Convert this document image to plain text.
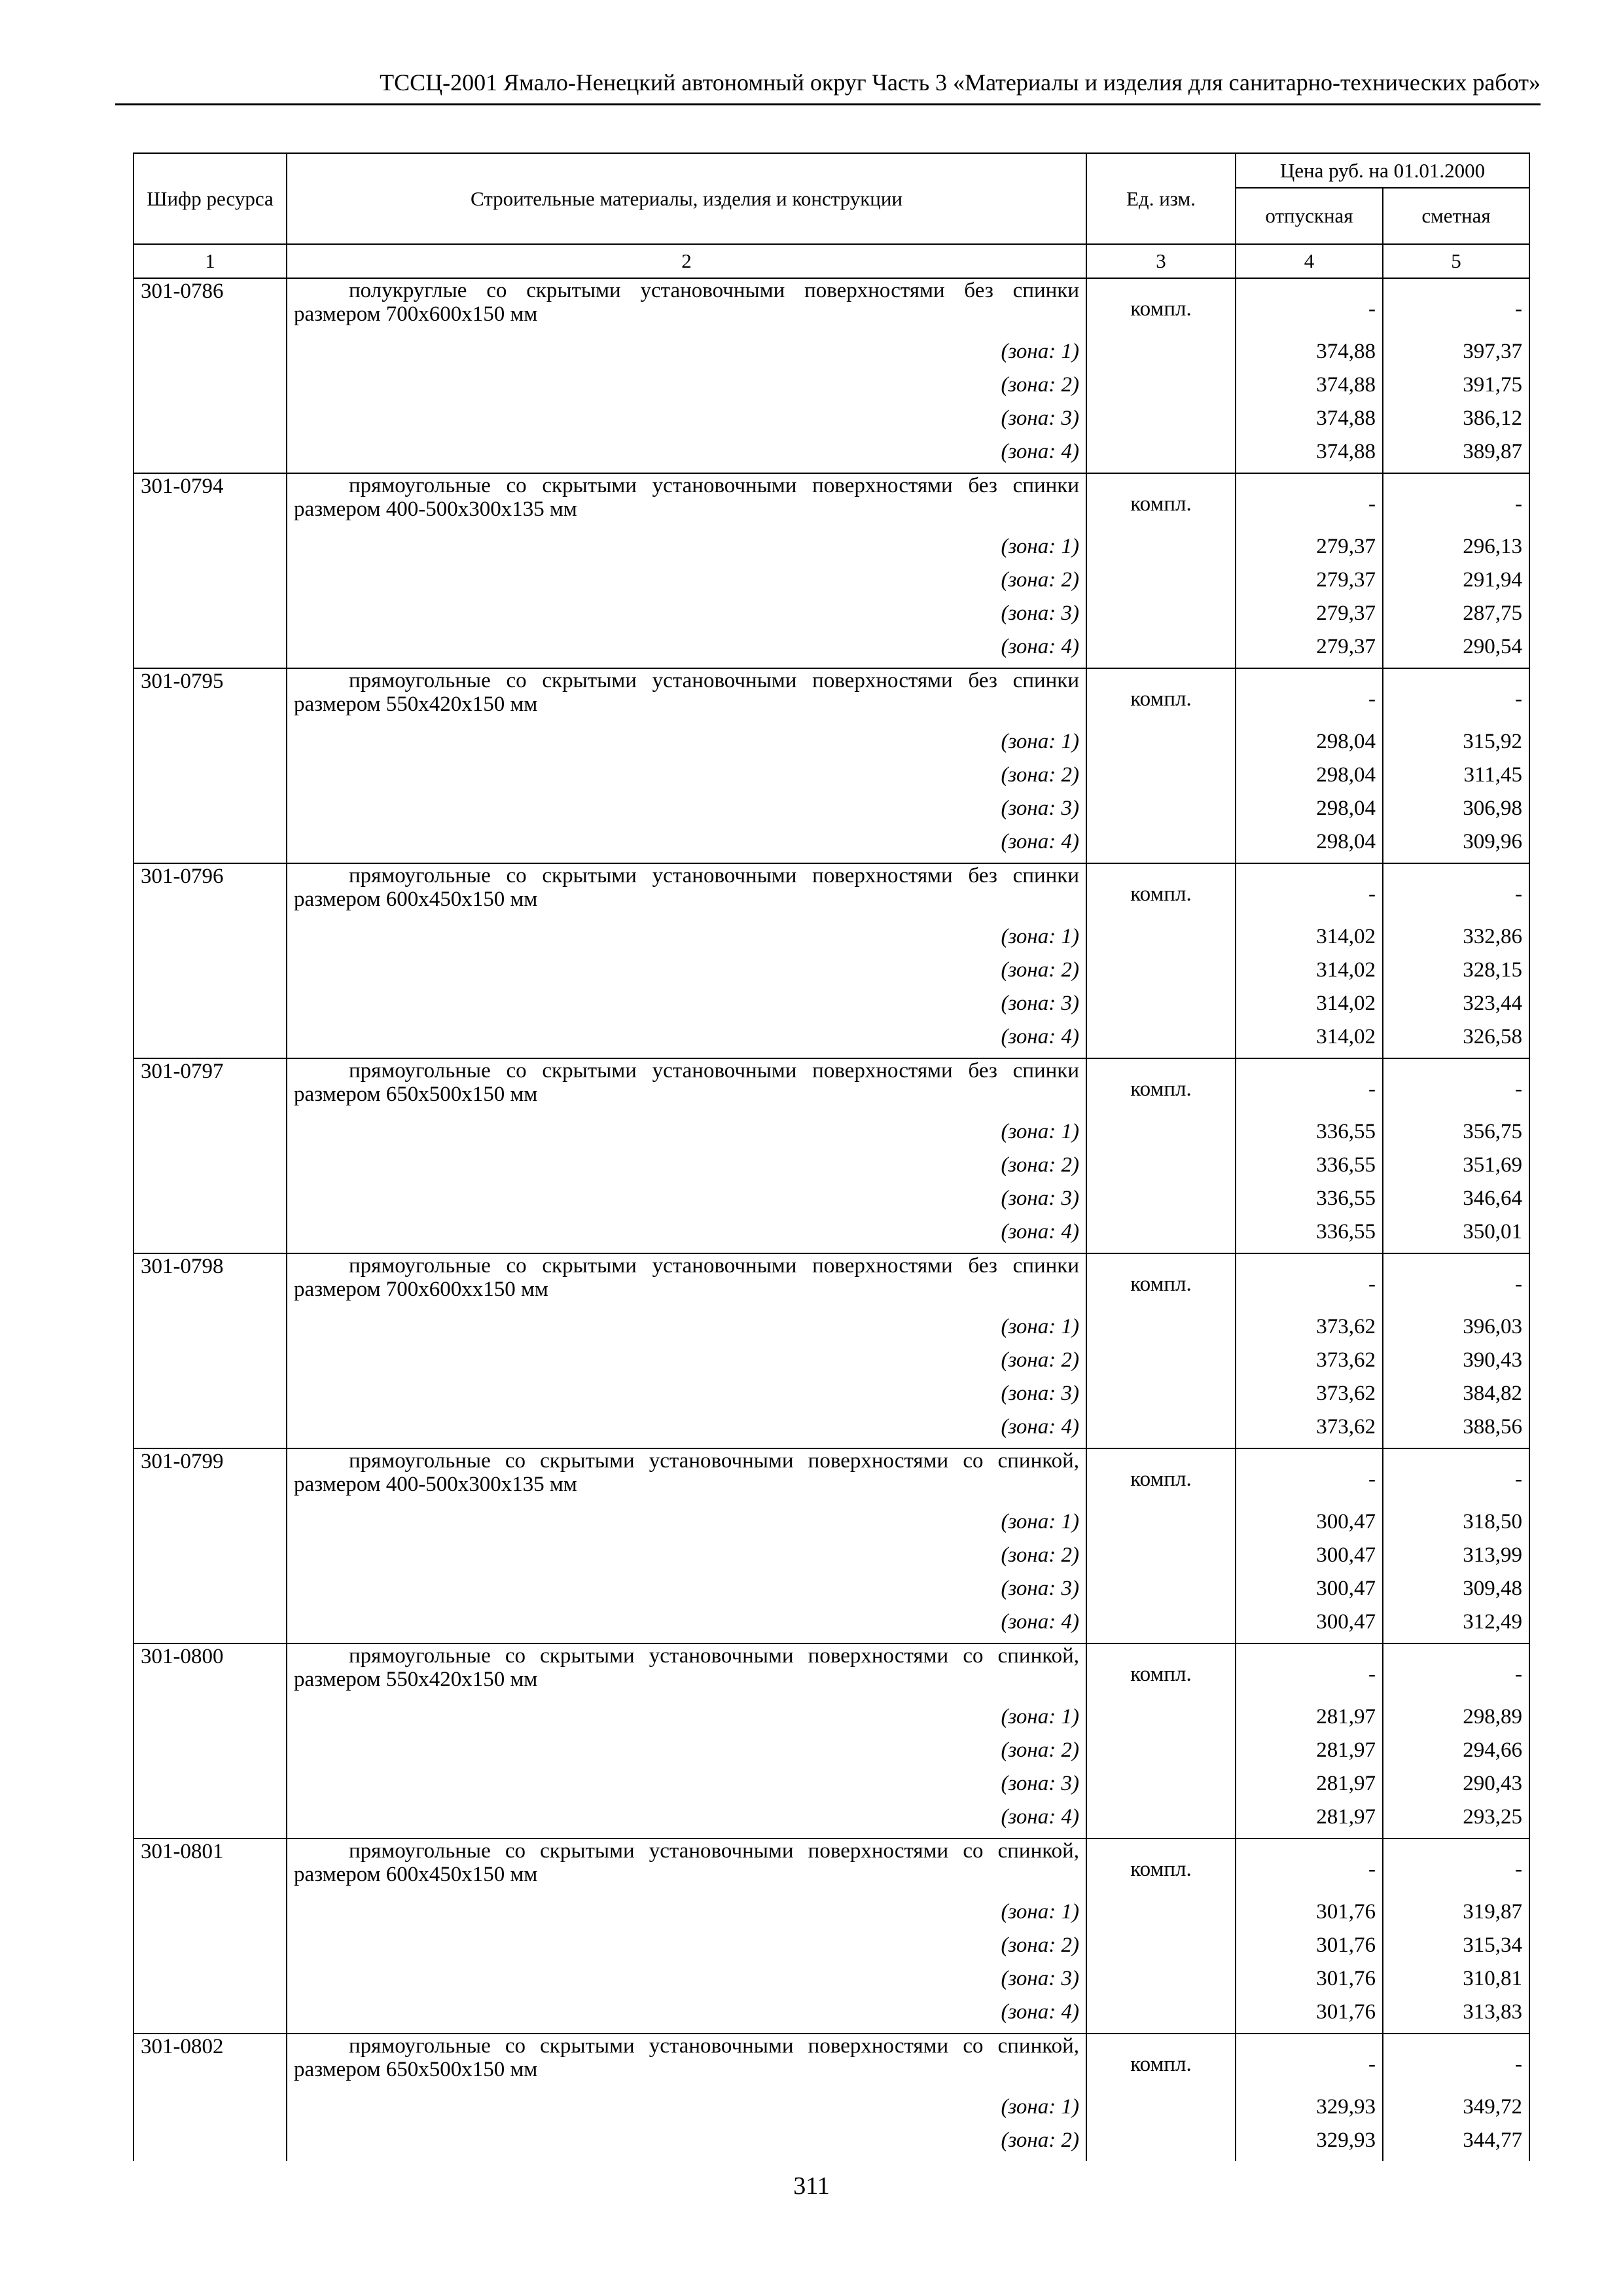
ТССЦ-2001 Ямало-Ненецкий автономный округ Часть 3 «Материалы и изделия для санитарно-технических работ»
Шифр ресурса	Строительные материалы, изделия и конструкции	Ед. изм.	Цена руб. на 01.01.2000	
			отпускная	сметная
1	2	3	4	5
301-0786	полукруглые со скрытыми установочными поверхностями без спинки размером 700х600х150 мм	компл.	-	-
	(зона: 1)		374,88	397,37
	(зона: 2)		374,88	391,75
	(зона: 3)		374,88	386,12
	(зона: 4)		374,88	389,87
301-0794	прямоугольные со скрытыми установочными поверхностями без спинки размером 400-500х300х135 мм	компл.	-	-
	(зона: 1)		279,37	296,13
	(зона: 2)		279,37	291,94
	(зона: 3)		279,37	287,75
	(зона: 4)		279,37	290,54
301-0795	прямоугольные со скрытыми установочными поверхностями без спинки размером 550х420х150 мм	компл.	-	-
	(зона: 1)		298,04	315,92
	(зона: 2)		298,04	311,45
	(зона: 3)		298,04	306,98
	(зона: 4)		298,04	309,96
301-0796	прямоугольные со скрытыми установочными поверхностями без спинки размером 600х450х150 мм	компл.	-	-
	(зона: 1)		314,02	332,86
	(зона: 2)		314,02	328,15
	(зона: 3)		314,02	323,44
	(зона: 4)		314,02	326,58
301-0797	прямоугольные со скрытыми установочными поверхностями без спинки размером 650х500х150 мм	компл.	-	-
	(зона: 1)		336,55	356,75
	(зона: 2)		336,55	351,69
	(зона: 3)		336,55	346,64
	(зона: 4)		336,55	350,01
301-0798	прямоугольные со скрытыми установочными поверхностями без спинки размером 700х600хх150 мм	компл.	-	-
	(зона: 1)		373,62	396,03
	(зона: 2)		373,62	390,43
	(зона: 3)		373,62	384,82
	(зона: 4)		373,62	388,56
301-0799	прямоугольные со скрытыми установочными поверхностями со спинкой, размером 400-500х300х135 мм	компл.	-	-
	(зона: 1)		300,47	318,50
	(зона: 2)		300,47	313,99
	(зона: 3)		300,47	309,48
	(зона: 4)		300,47	312,49
301-0800	прямоугольные со скрытыми установочными поверхностями со спинкой, размером 550х420х150 мм	компл.	-	-
	(зона: 1)		281,97	298,89
	(зона: 2)		281,97	294,66
	(зона: 3)		281,97	290,43
	(зона: 4)		281,97	293,25
301-0801	прямоугольные со скрытыми установочными поверхностями со спинкой, размером 600х450х150 мм	компл.	-	-
	(зона: 1)		301,76	319,87
	(зона: 2)		301,76	315,34
	(зона: 3)		301,76	310,81
	(зона: 4)		301,76	313,83
301-0802	прямоугольные со скрытыми установочными поверхностями со спинкой, размером 650х500х150 мм	компл.	-	-
	(зона: 1)		329,93	349,72
	(зона: 2)		329,93	344,77
311
